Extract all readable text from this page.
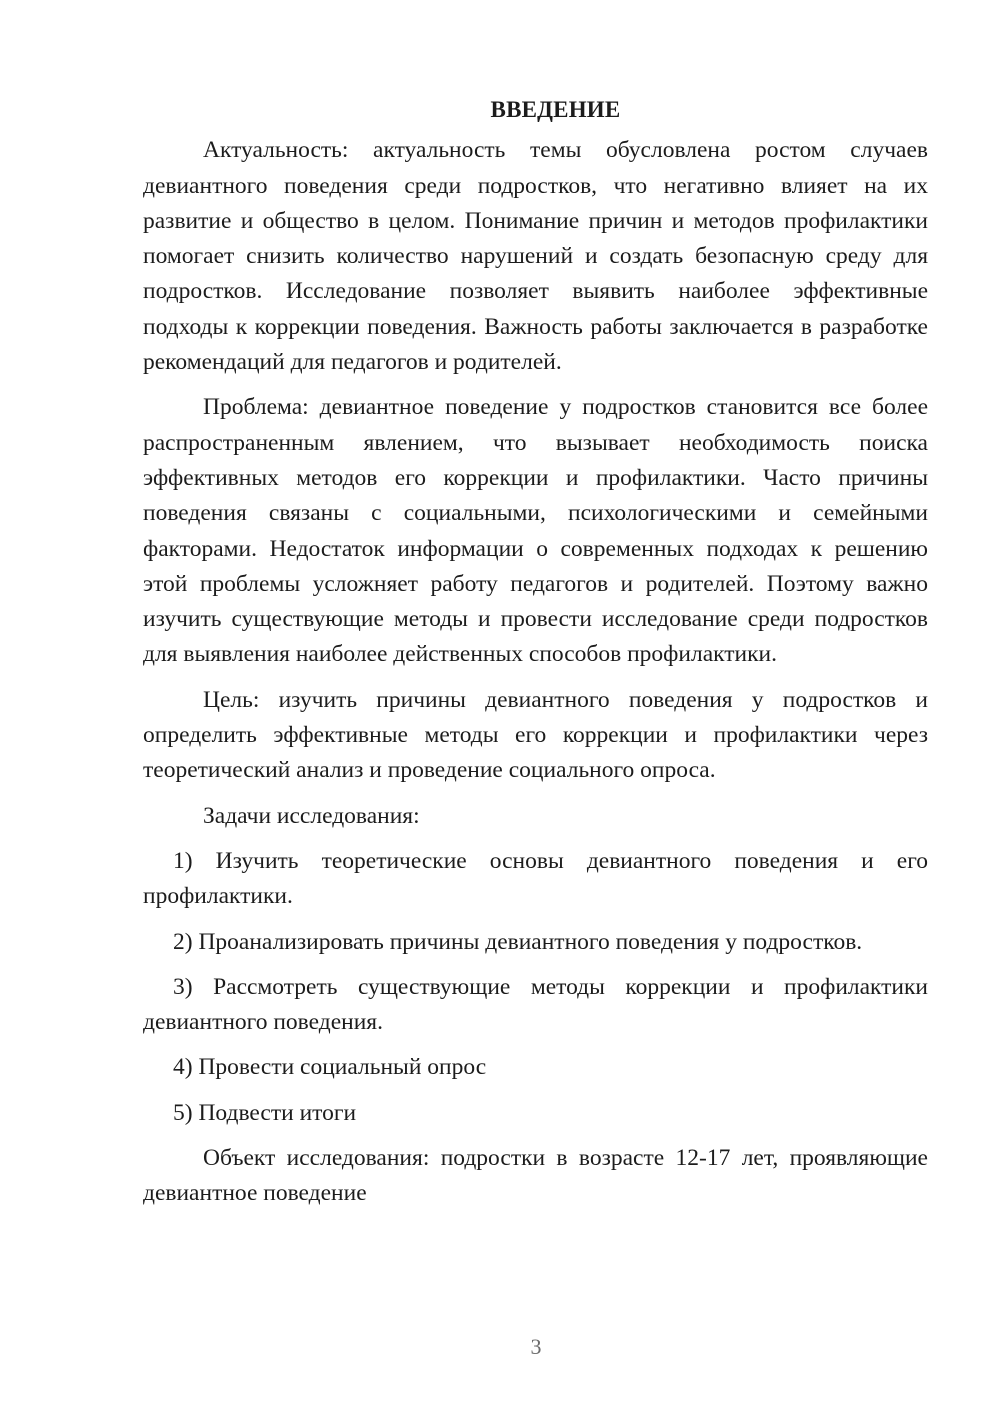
ВВЕДЕНИЕ

Актуальность: актуальность темы обусловлена ростом случаев девиантного поведения среди подростков, что негативно влияет на их развитие и общество в целом. Понимание причин и методов профилактики помогает снизить количество нарушений и создать безопасную среду для подростков. Исследование позволяет выявить наиболее эффективные подходы к коррекции поведения. Важность работы заключается в разработке рекомендаций для педагогов и родителей.

Проблема: девиантное поведение у подростков становится все более распространенным явлением, что вызывает необходимость поиска эффективных методов его коррекции и профилактики. Часто причины поведения связаны с социальными, психологическими и семейными факторами. Недостаток информации о современных подходах к решению этой проблемы усложняет работу педагогов и родителей. Поэтому важно изучить существующие методы и провести исследование среди подростков для выявления наиболее действенных способов профилактики.

Цель: изучить причины девиантного поведения у подростков и определить эффективные методы его коррекции и профилактики через теоретический анализ и проведение социального опроса.

Задачи исследования:

1) Изучить теоретические основы девиантного поведения и его профилактики.

2) Проанализировать причины девиантного поведения у подростков.

3) Рассмотреть существующие методы коррекции и профилактики девиантного поведения.

4) Провести социальный опрос

5) Подвести итоги

Объект исследования: подростки в возрасте 12-17 лет, проявляющие девиантное поведение

3
